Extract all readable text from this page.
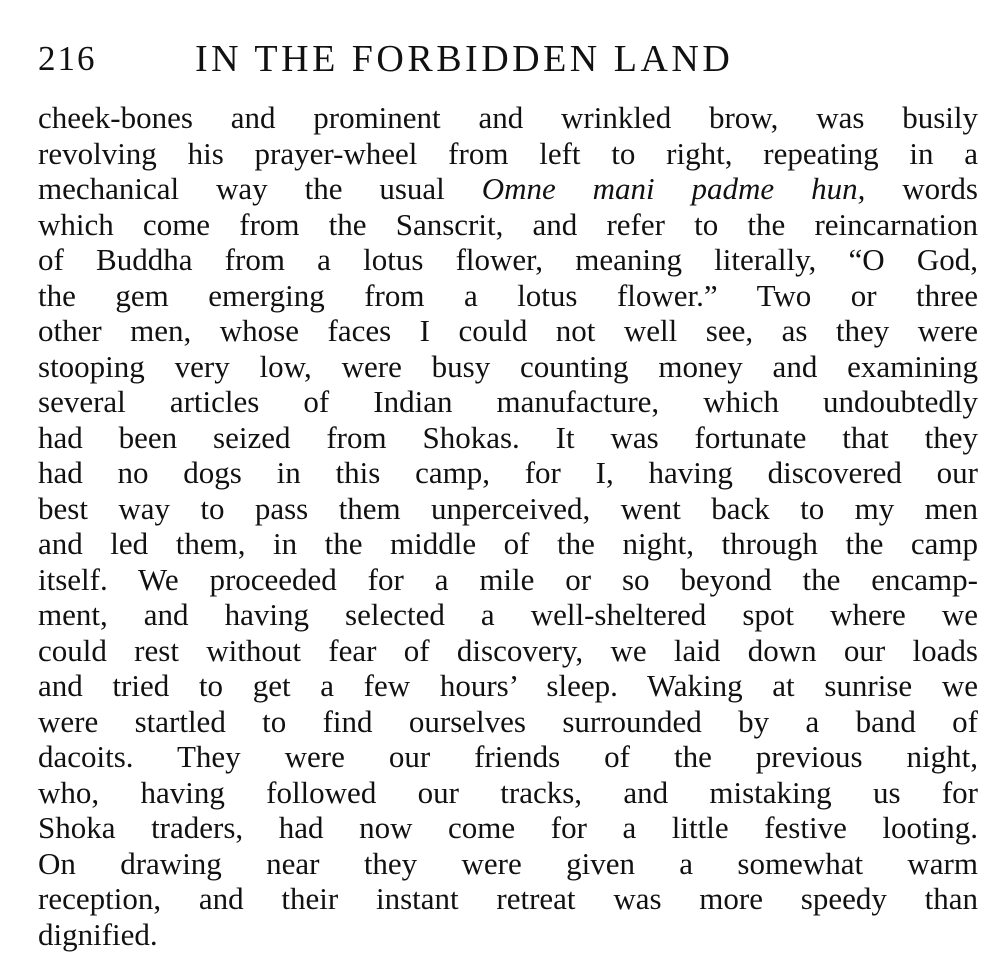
216	IN THE FORBIDDEN LAND
cheek-bones and prominent and wrinkled brow, was busily
revolving his prayer-wheel from left to right, repeating in a
mechanical way the usual Omne mani padme hun, words
which come from the Sanscrit, and refer to the reincarnation
of Buddha from a lotus flower, meaning literally, “O God,
the gem emerging from a lotus flower.” Two or three
other men, whose faces I could not well see, as they were
stooping very low, were busy counting money and examining
several articles of Indian manufacture, which undoubtedly
had been seized from Shokas. It was fortunate that they
had no dogs in this camp, for I, having discovered our
best way to pass them unperceived, went back to my men
and led them, in the middle of the night, through the camp
itself. We proceeded for a mile or so beyond the encamp-
ment, and having selected a well-sheltered spot where we
could rest without fear of discovery, we laid down our loads
and tried to get a few hours’ sleep. Waking at sunrise we
were startled to find ourselves surrounded by a band of
dacoits. They were our friends of the previous night,
who, having followed our tracks, and mistaking us for
Shoka traders, had now come for a little festive looting.
On drawing near they were given a somewhat warm
reception, and their instant retreat was more speedy than
dignified.
